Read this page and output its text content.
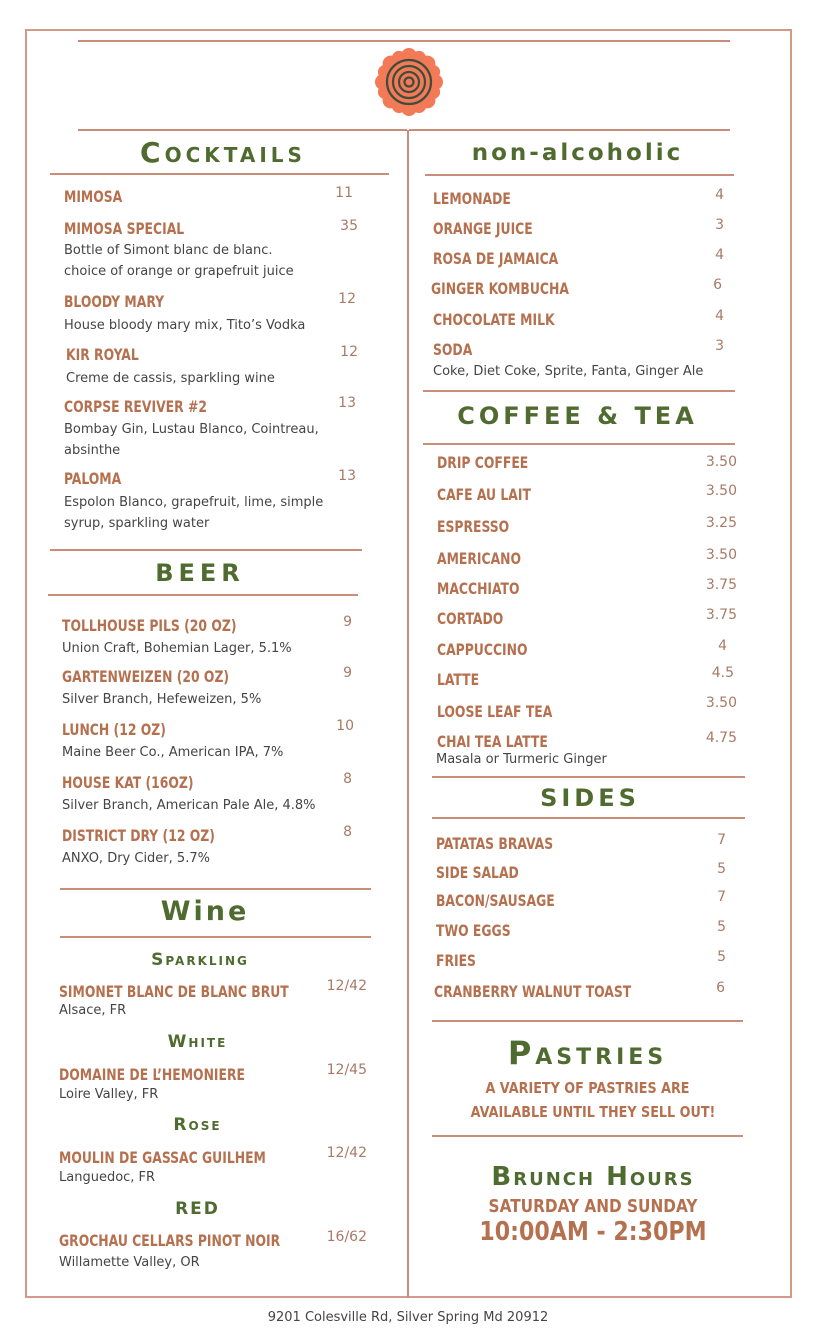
Cocktails
MIMOSA	11
MIMOSA SPECIAL	35
Bottle of Simont blanc de blanc. choice of orange or grapefruit juice
BLOODY MARY	12
House bloody mary mix, Tito’s Vodka
KIR ROYAL	12
Creme de cassis, sparkling wine
CORPSE REVIVER #2	13
Bombay Gin, Lustau Blanco, Cointreau, absinthe
PALOMA	13
Espolon Blanco, grapefruit, lime, simple syrup, sparkling water
BEER
TOLLHOUSE PILS (20 OZ)	9
Union Craft, Bohemian Lager, 5.1%
GARTENWEIZEN (20 OZ)	9
Silver Branch, Hefeweizen, 5%
LUNCH (12 OZ)	10
Maine Beer Co., American IPA, 7%
HOUSE KAT (16OZ)	8
Silver Branch, American Pale Ale, 4.8%
DISTRICT DRY (12 OZ)	8
ANXO, Dry Cider, 5.7%
Wine
Sparkling
SIMONET BLANC DE BLANC BRUT	12/42
Alsace, FR
White
DOMAINE DE L’HEMONIERE	12/45
Loire Valley, FR
Rose
MOULIN DE GASSAC GUILHEM	12/42
Languedoc, FR
RED
GROCHAU CELLARS PINOT NOIR	16/62
Willamette Valley, OR
non-alcoholic
LEMONADE	4
ORANGE JUICE	3
ROSA DE JAMAICA	4
GINGER KOMBUCHA	6
CHOCOLATE MILK	4
SODA	3
Coke, Diet Coke, Sprite, Fanta, Ginger Ale
COFFEE & TEA
DRIP COFFEE	3.50
CAFE AU LAIT	3.50
ESPRESSO	3.25
AMERICANO	3.50
MACCHIATO	3.75
CORTADO	3.75
CAPPUCCINO	4
LATTE	4.5
LOOSE LEAF TEA	3.50
CHAI TEA LATTE	4.75
Masala or Turmeric Ginger
SIDES
PATATAS BRAVAS	7
SIDE SALAD	5
BACON/SAUSAGE	7
TWO EGGS	5
FRIES	5
CRANBERRY WALNUT TOAST	6
Pastries
A VARIETY OF PASTRIES ARE
AVAILABLE UNTIL THEY SELL OUT!
Brunch Hours
SATURDAY AND SUNDAY
10:00AM - 2:30PM
9201 Colesville Rd, Silver Spring Md 20912
